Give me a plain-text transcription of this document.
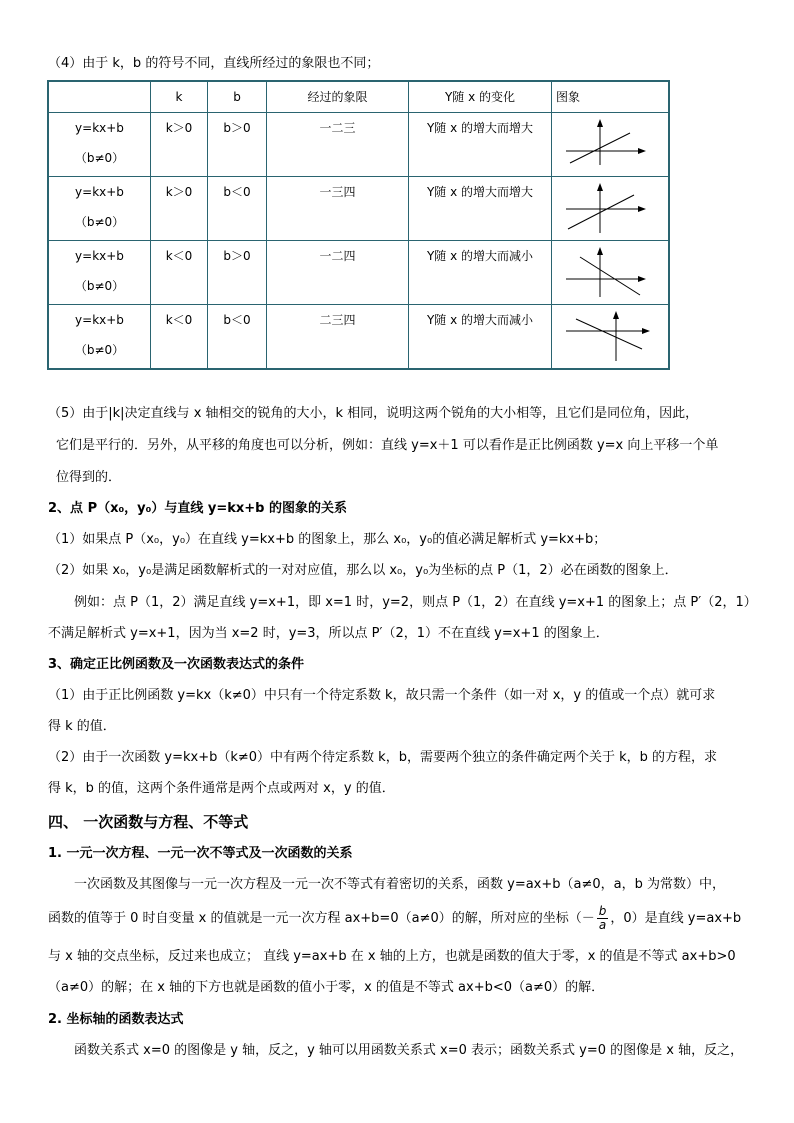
（4）由于 k，b 的符号不同，直线所经过的象限也不同；
	k	b	经过的象限	Y随 x 的变化	图象

y=kx+b
（b≠0）	k＞0	b＞0	一二三	Y随 x 的增大而增大	

y=kx+b
（b≠0）	k＞0	b＜0	一三四	Y随 x 的增大而增大	

y=kx+b
（b≠0）	k＜0	b＞0	一二四	Y随 x 的增大而减小	

y=kx+b
（b≠0）	k＜0	b＜0	二三四	Y随 x 的增大而减小	
（5）由于|k|决定直线与 x 轴相交的锐角的大小，k 相同，说明这两个锐角的大小相等，且它们是同位角，因此，
它们是平行的．另外，从平移的角度也可以分析，例如：直线 y=x＋1 可以看作是正比例函数 y=x 向上平移一个单
位得到的．
2、点 P（x₀，y₀）与直线 y=kx+b 的图象的关系
（1）如果点 P（x₀，y₀）在直线 y=kx+b 的图象上，那么 x₀，y₀的值必满足解析式 y=kx+b；
（2）如果 x₀，y₀是满足函数解析式的一对对应值，那么以 x₀，y₀为坐标的点 P（1，2）必在函数的图象上．
例如：点 P（1，2）满足直线 y=x+1，即 x=1 时，y=2，则点 P（1，2）在直线 y=x+1 的图象上；点 P′（2，1）
不满足解析式 y=x+1，因为当 x=2 时，y=3，所以点 P′（2，1）不在直线 y=x+1 的图象上．
3、确定正比例函数及一次函数表达式的条件
（1）由于正比例函数 y=kx（k≠0）中只有一个待定系数 k，故只需一个条件（如一对 x，y 的值或一个点）就可求
得 k 的值．
（2）由于一次函数 y=kx+b（k≠0）中有两个待定系数 k，b，需要两个独立的条件确定两个关于 k，b 的方程，求
得 k，b 的值，这两个条件通常是两个点或两对 x，y 的值．
四、 一次函数与方程、不等式
1. 一元一次方程、一元一次不等式及一次函数的关系
一次函数及其图像与一元一次方程及一元一次不等式有着密切的关系，函数 y=ax+b（a≠0，a，b 为常数）中，
函数的值等于 0 时自变量 x 的值就是一元一次方程 ax+b=0（a≠0）的解，所对应的坐标（－ $\frac{b}{a}$ ，0）是直线 y=ax+b
与 x 轴的交点坐标，反过来也成立； 直线 y=ax+b 在 x 轴的上方，也就是函数的值大于零，x 的值是不等式 ax+b>0
（a≠0）的解；在 x 轴的下方也就是函数的值小于零，x 的值是不等式 ax+b<0（a≠0）的解．
2. 坐标轴的函数表达式
函数关系式 x=0 的图像是 y 轴，反之，y 轴可以用函数关系式 x=0 表示；函数关系式 y=0 的图像是 x 轴，反之，
